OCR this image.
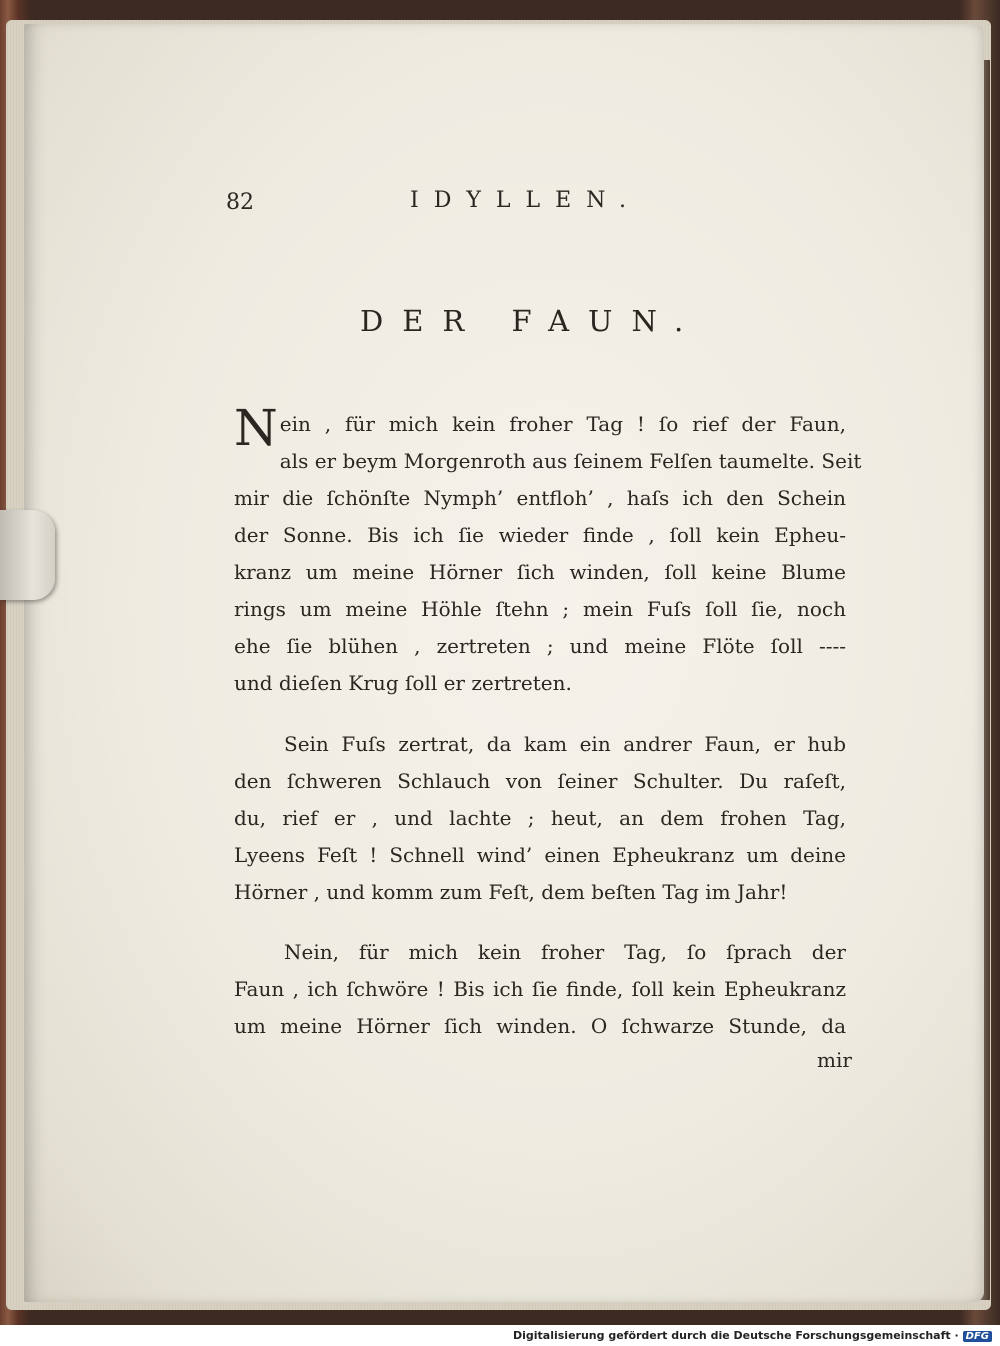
82	IDYLLEN.
DER FAUN.
Nein , für mich kein froher Tag ! ſo rief der Faun,
als er beym Morgenroth aus ſeinem Felſen taumelte. Seit
mir die ſchönſte Nymph’ entfloh’ , haſs ich den Schein
der Sonne. Bis ich ſie wieder finde , ſoll kein Epheu-
kranz um meine Hörner ſich winden, ſoll keine Blume
rings um meine Höhle ſtehn ; mein Fuſs ſoll ſie, noch
ehe ſie blühen , zertreten ; und meine Flöte ſoll ----
und dieſen Krug ſoll er zertreten.
Sein Fuſs zertrat, da kam ein andrer Faun, er hub
den ſchweren Schlauch von ſeiner Schulter. Du raſeſt,
du, rief er , und lachte ; heut, an dem frohen Tag,
Lyeens Feſt ! Schnell wind’ einen Epheukranz um deine
Hörner , und komm zum Feſt, dem beſten Tag im Jahr!
Nein, für mich kein froher Tag, ſo ſprach der
Faun , ich ſchwöre ! Bis ich ſie finde, ſoll kein Epheukranz
um meine Hörner ſich winden. O ſchwarze Stunde, da
mir
Digitalisierung gefördert durch die Deutsche Forschungsgemeinschaft · DFG
